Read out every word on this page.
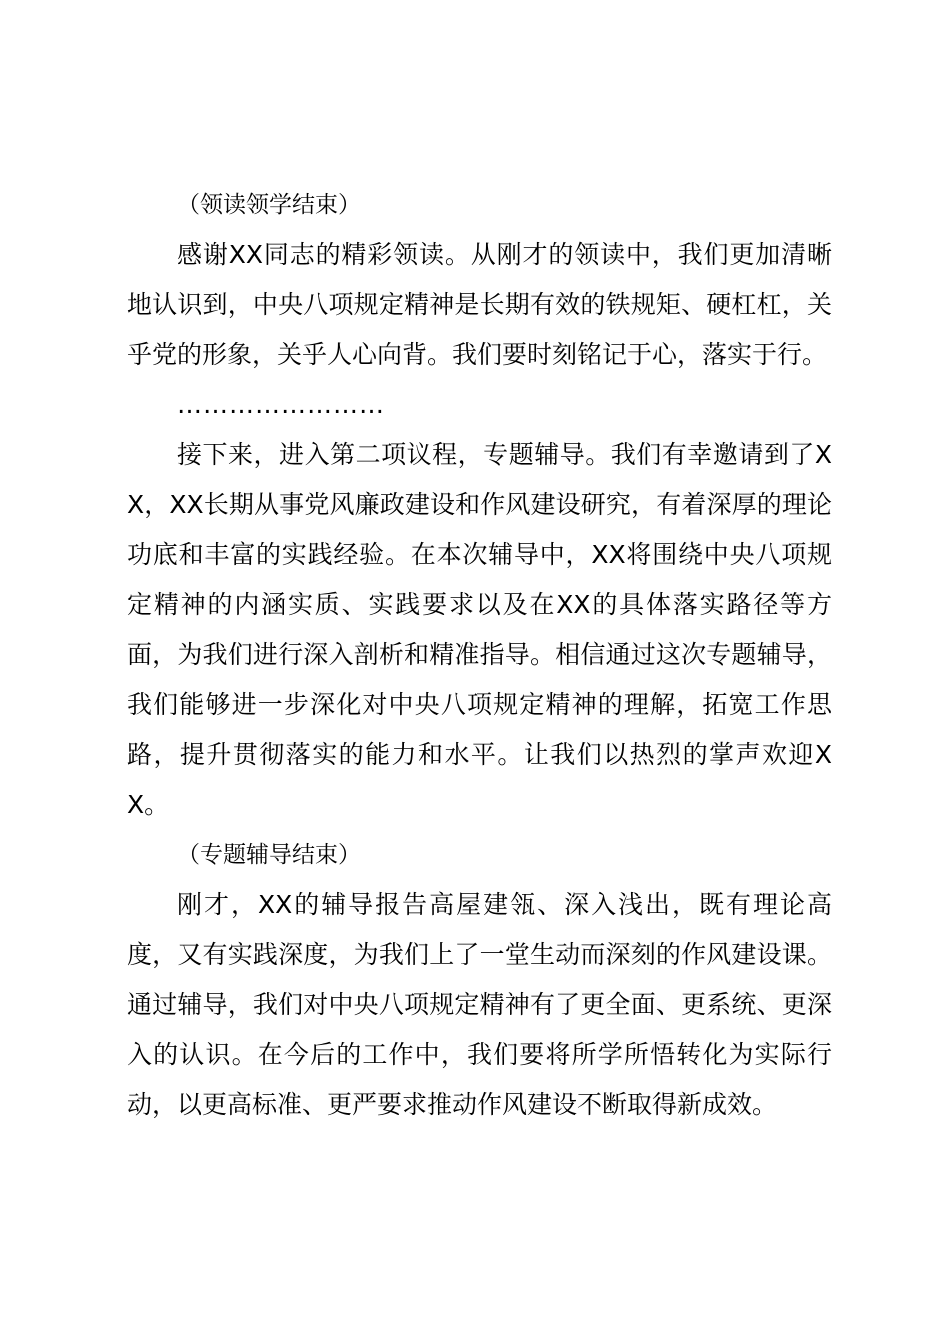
（领读领学结束）

感谢XX同志的精彩领读。从刚才的领读中，我们更加清晰地认识到，中央八项规定精神是长期有效的铁规矩、硬杠杠，关乎党的形象，关乎人心向背。我们要时刻铭记于心，落实于行。

……………………

接下来，进入第二项议程，专题辅导。我们有幸邀请到了XX，XX长期从事党风廉政建设和作风建设研究，有着深厚的理论功底和丰富的实践经验。在本次辅导中，XX将围绕中央八项规定精神的内涵实质、实践要求以及在XX的具体落实路径等方面，为我们进行深入剖析和精准指导。相信通过这次专题辅导，我们能够进一步深化对中央八项规定精神的理解，拓宽工作思路，提升贯彻落实的能力和水平。让我们以热烈的掌声欢迎XX。

（专题辅导结束）

刚才，XX的辅导报告高屋建瓴、深入浅出，既有理论高度，又有实践深度，为我们上了一堂生动而深刻的作风建设课。通过辅导，我们对中央八项规定精神有了更全面、更系统、更深入的认识。在今后的工作中，我们要将所学所悟转化为实际行动，以更高标准、更严要求推动作风建设不断取得新成效。
